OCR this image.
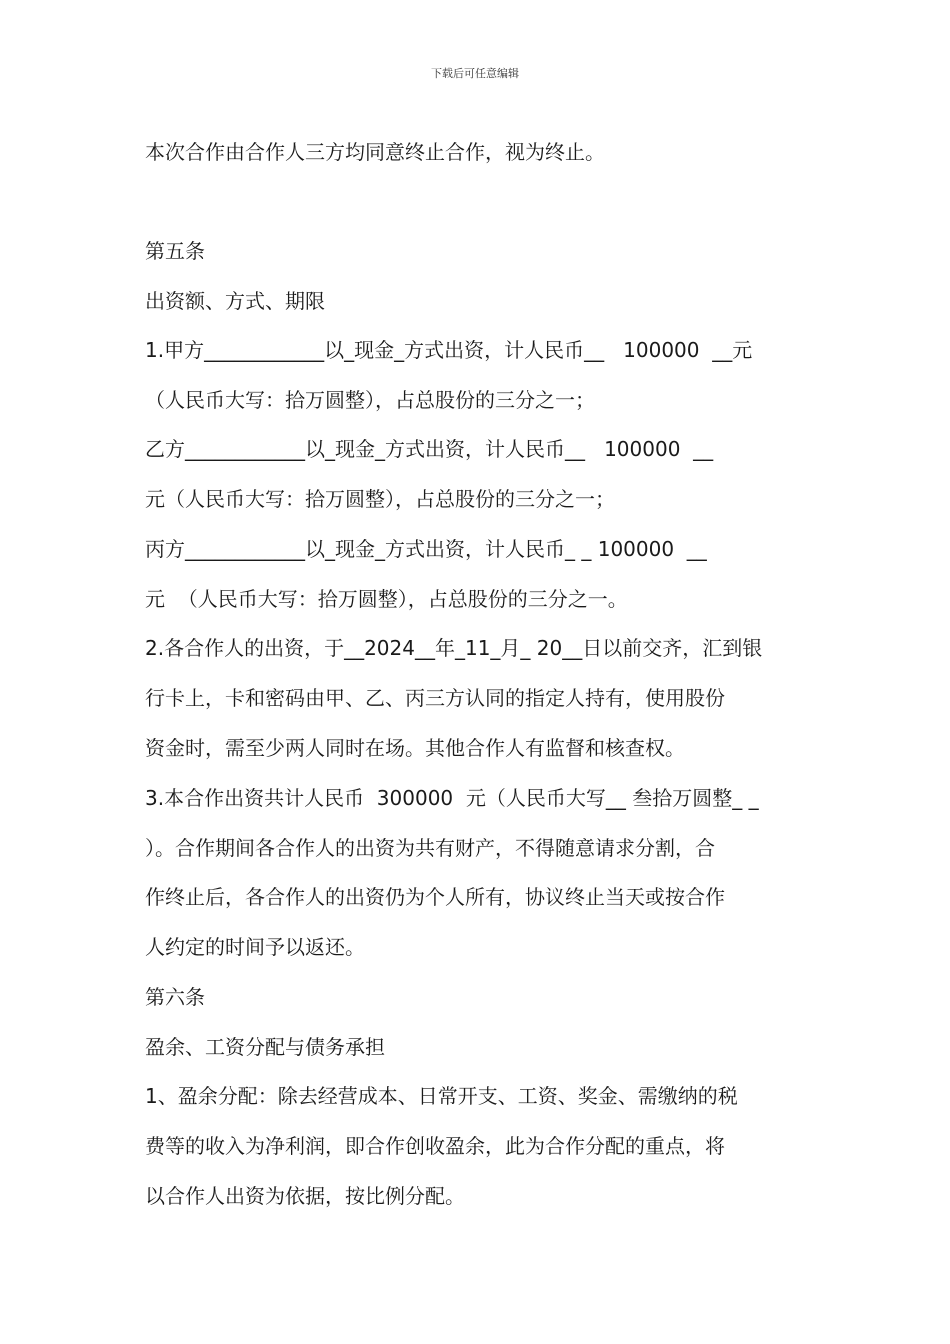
下载后可任意编辑
本次合作由合作人三方均同意终止合作，视为终止。
第五条
出资额、方式、期限
1.甲方____________以_现金_方式出资，计人民币__   100000  __元
（人民币大写：拾万圆整），占总股份的三分之一；
乙方____________以_现金_方式出资，计人民币__   100000  __
元（人民币大写：拾万圆整），占总股份的三分之一；
丙方____________以_现金_方式出资，计人民币_ _ 100000  __
元  （人民币大写：拾万圆整），占总股份的三分之一。
2.各合作人的出资，于__2024__年_11_月_ 20__日以前交齐，汇到银
行卡上，卡和密码由甲、乙、丙三方认同的指定人持有，使用股份
资金时，需至少两人同时在场。其他合作人有监督和核查权。
3.本合作出资共计人民币  300000  元（人民币大写__ 叁拾万圆整_ _
）。合作期间各合作人的出资为共有财产，不得随意请求分割，合
作终止后，各合作人的出资仍为个人所有，协议终止当天或按合作
人约定的时间予以返还。
第六条
盈余、工资分配与债务承担
1、盈余分配：除去经营成本、日常开支、工资、奖金、需缴纳的税
费等的收入为净利润，即合作创收盈余，此为合作分配的重点，将
以合作人出资为依据，按比例分配。
